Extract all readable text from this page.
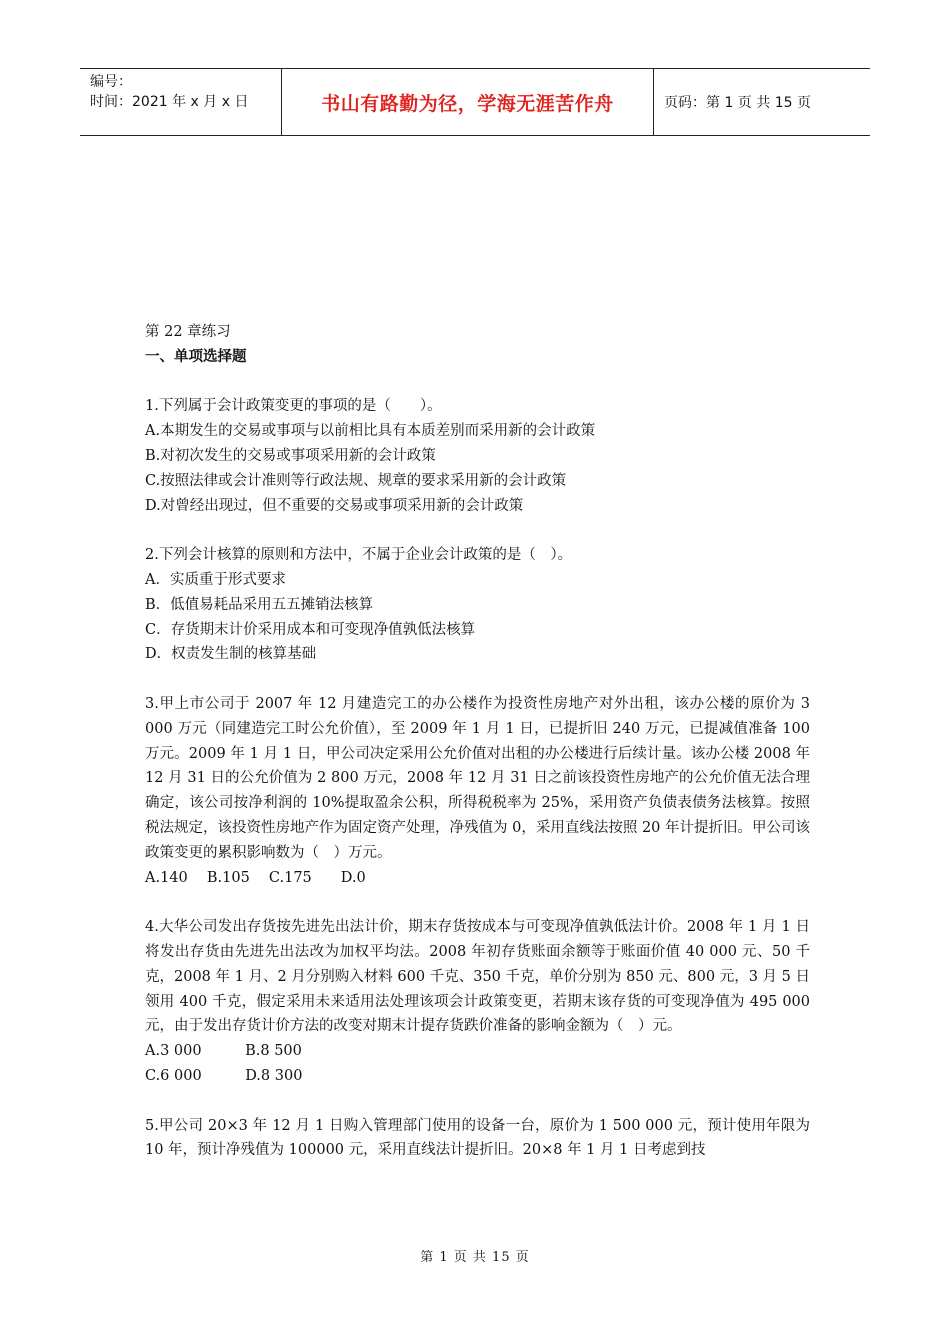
编号：
时间：2021 年 x 月 x 日	书山有路勤为径，学海无涯苦作舟	页码：第 1 页 共 15 页

第 22 章练习

一、单项选择题

1.下列属于会计政策变更的事项的是（　　）。

A.本期发生的交易或事项与以前相比具有本质差别而采用新的会计政策

B.对初次发生的交易或事项采用新的会计政策

C.按照法律或会计准则等行政法规、规章的要求采用新的会计政策

D.对曾经出现过，但不重要的交易或事项采用新的会计政策

2.下列会计核算的原则和方法中，不属于企业会计政策的是（　）。

A．实质重于形式要求

B．低值易耗品采用五五摊销法核算

C．存货期末计价采用成本和可变现净值孰低法核算

D．权责发生制的核算基础

3.甲上市公司于 2007 年 12 月建造完工的办公楼作为投资性房地产对外出租，该办公楼的原价为 3 000 万元（同建造完工时公允价值），至 2009 年 1 月 1 日，已提折旧 240 万元，已提减值准备 100 万元。2009 年 1 月 1 日，甲公司决定采用公允价值对出租的办公楼进行后续计量。该办公楼 2008 年 12 月 31 日的公允价值为 2 800 万元，2008 年 12 月 31 日之前该投资性房地产的公允价值无法合理确定，该公司按净利润的 10%提取盈余公积，所得税税率为 25%，采用资产负债表债务法核算。按照税法规定，该投资性房地产作为固定资产处理，净残值为 0，采用直线法按照 20 年计提折旧。甲公司该政策变更的累积影响数为（　）万元。

A.140　 B.105　 C.175　　D.0

4.大华公司发出存货按先进先出法计价，期末存货按成本与可变现净值孰低法计价。2008 年 1 月 1 日将发出存货由先进先出法改为加权平均法。2008 年初存货账面余额等于账面价值 40 000 元、50 千克，2008 年 1 月、2 月分别购入材料 600 千克、350 千克，单价分别为 850 元、800 元，3 月 5 日领用 400 千克，假定采用未来适用法处理该项会计政策变更，若期末该存货的可变现净值为 495 000 元，由于发出存货计价方法的改变对期末计提存货跌价准备的影响金额为（　）元。

A.3 000　　　B.8 500

C.6 000　　　D.8 300

5.甲公司 20×3 年 12 月 1 日购入管理部门使用的设备一台，原价为 1 500 000 元，预计使用年限为 10 年，预计净残值为 100000 元，采用直线法计提折旧。20×8 年 1 月 1 日考虑到技

第 1 页 共 15 页
